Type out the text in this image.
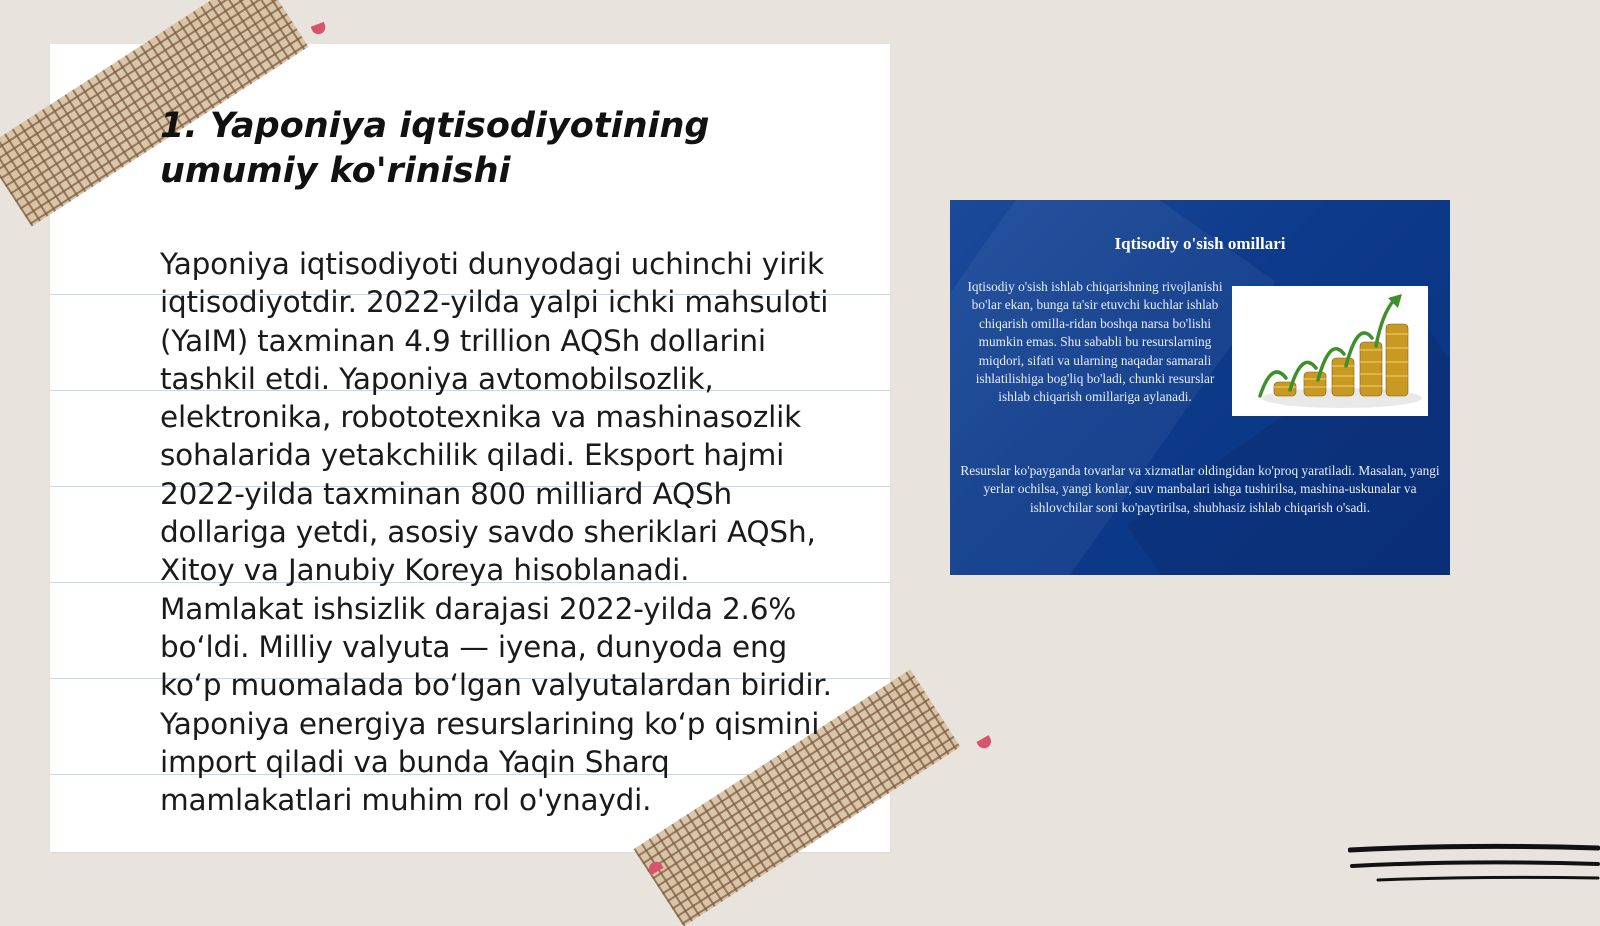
1. Yaponiya iqtisodiyotining umumiy ko'rinishi

Yaponiya iqtisodiyoti dunyodagi uchinchi yirik iqtisodiyotdir. 2022-yilda yalpi ichki mahsuloti (YaIM) taxminan 4.9 trillion AQSh dollarini tashkil etdi. Yaponiya avtomobilsozlik, elektronika, robototexnika va mashinasozlik sohalarida yetakchilik qiladi. Eksport hajmi 2022-yilda taxminan 800 milliard AQSh dollariga yetdi, asosiy savdo sheriklari AQSh, Xitoy va Janubiy Koreya hisoblanadi. Mamlakat ishsizlik darajasi 2022-yilda 2.6% bo‘ldi. Milliy valyuta — iyena, dunyoda eng ko‘p muomalada bo‘lgan valyutalardan biridir. Yaponiya energiya resurslarining ko‘p qismini import qiladi va bunda Yaqin Sharq mamlakatlari muhim rol o'ynaydi.

Iqtisodiy o'sish omillari
Iqtisodiy o'sish ishlab chiqarishning rivojlanishi bo'lar ekan, bunga ta'sir etuvchi kuchlar ishlab chiqarish omilla-ridan boshqa narsa bo'lishi mumkin emas. Shu sababli bu resurslarning miqdori, sifati va ularning naqadar samarali ishlatilishiga bog'liq bo'ladi, chunki resurslar ishlab chiqarish omillariga aylanadi.
Resurslar ko'payganda tovarlar va xizmatlar oldingidan ko'proq yaratiladi. Masalan, yangi yerlar ochilsa, yangi konlar, suv manbalari ishga tushirilsa, mashina-uskunalar va ishlovchilar soni ko'paytirilsa, shubhasiz ishlab chiqarish o'sadi.
